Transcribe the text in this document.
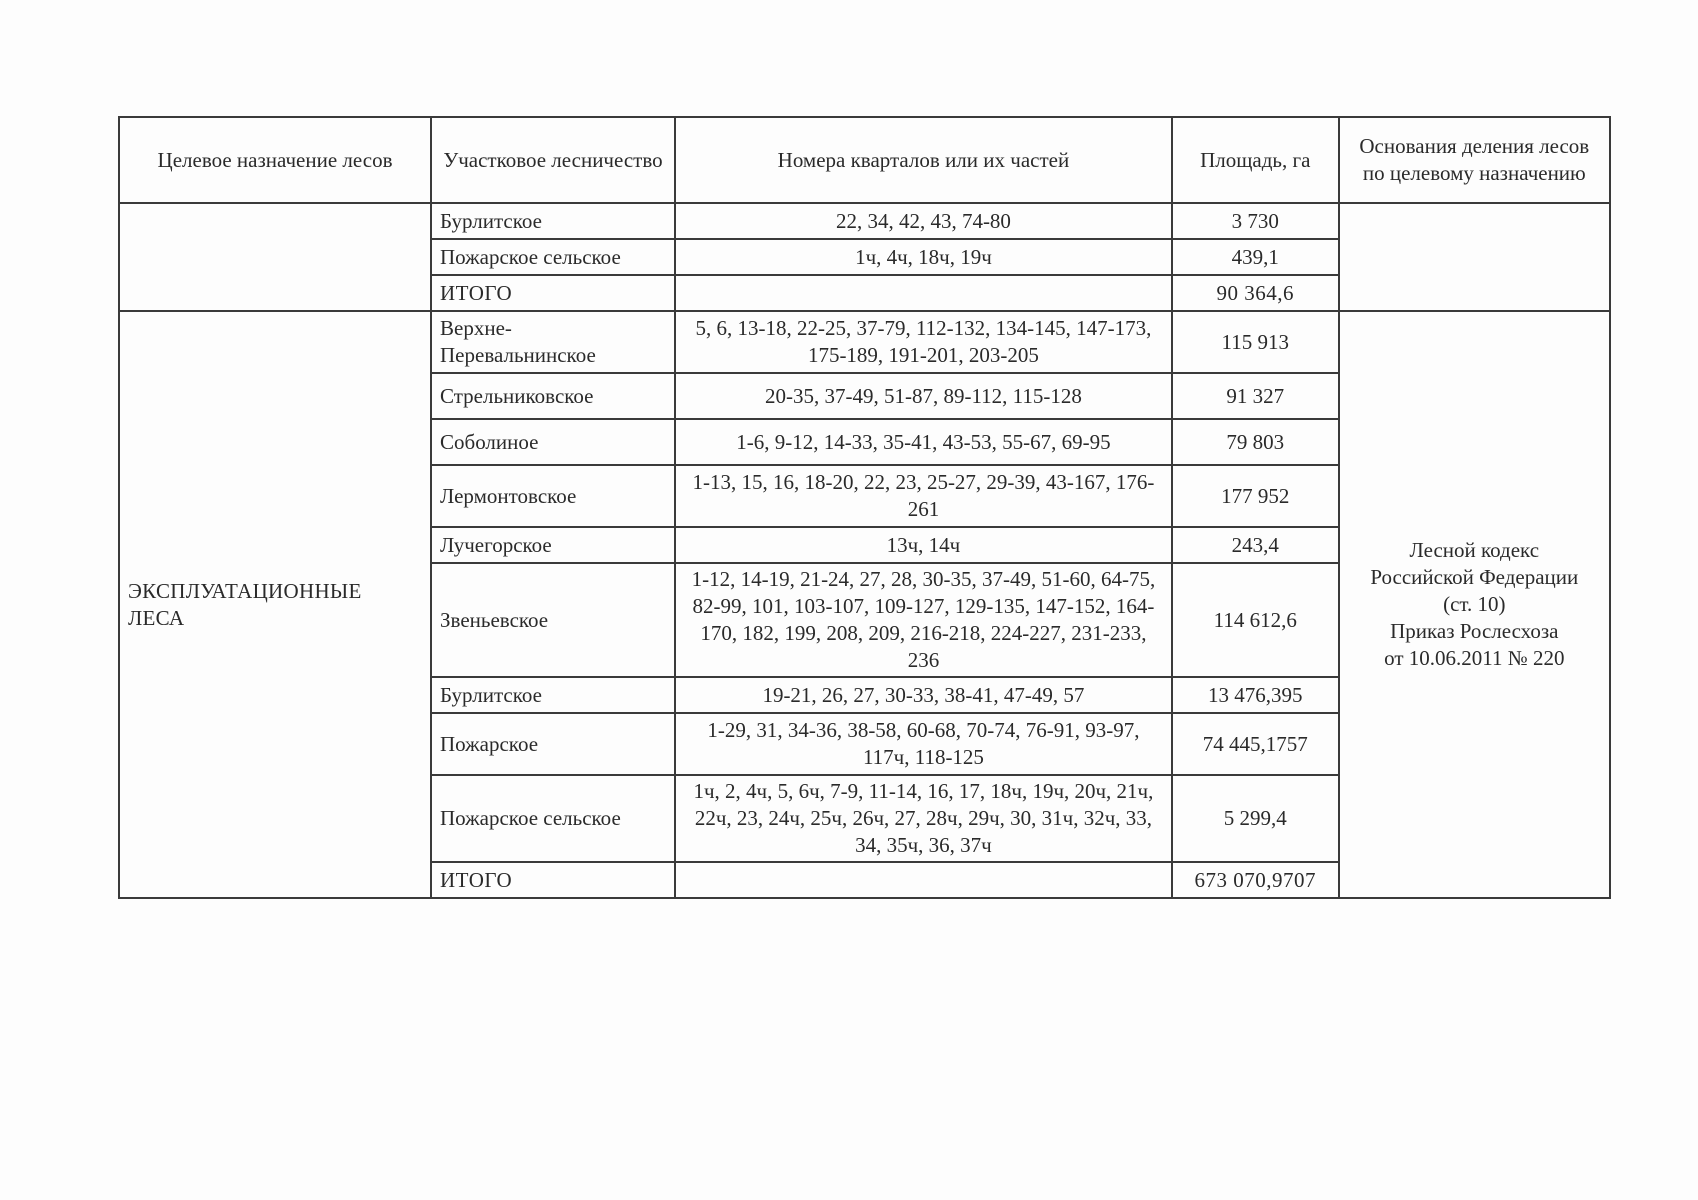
Целевое назначение лесов	Участковое лесничество	Номера кварталов или их частей	Площадь, га	Основания деления лесов по целевому назначению
	Бурлитское	22, 34, 42, 43, 74-80	3 730	
	Пожарское сельское	1ч, 4ч, 18ч, 19ч	439,1	
	ИТОГО		90 364,6	
ЭКСПЛУАТАЦИОННЫЕ ЛЕСА	Верхне-Перевальнинское	5, 6, 13-18, 22-25, 37-79, 112-132, 134-145, 147-173, 175-189, 191-201, 203-205	115 913	Лесной кодекс
Российской Федерации
(ст. 10)
Приказ Рослесхоза
от 10.06.2011 № 220

	Стрельниковское	20-35, 37-49, 51-87, 89-112, 115-128	91 327	
	Соболиное	1-6, 9-12, 14-33, 35-41, 43-53, 55-67, 69-95	79 803	
	Лермонтовское	1-13, 15, 16, 18-20, 22, 23, 25-27, 29-39, 43-167, 176-261	177 952	
	Лучегорское	13ч, 14ч	243,4	
	Звеньевское	1-12, 14-19, 21-24, 27, 28, 30-35, 37-49, 51-60, 64-75, 82-99, 101, 103-107, 109-127, 129-135, 147-152, 164-170, 182, 199, 208, 209, 216-218, 224-227, 231-233, 236	114 612,6	
	Бурлитское	19-21, 26, 27, 30-33, 38-41, 47-49, 57	13 476,395	
	Пожарское	1-29, 31, 34-36, 38-58, 60-68, 70-74, 76-91, 93-97, 117ч, 118-125	74 445,1757	
	Пожарское сельское	1ч, 2, 4ч, 5, 6ч, 7-9, 11-14, 16, 17, 18ч, 19ч, 20ч, 21ч, 22ч, 23, 24ч, 25ч, 26ч, 27, 28ч, 29ч, 30, 31ч, 32ч, 33, 34, 35ч, 36, 37ч	5 299,4	
	ИТОГО		673 070,9707	
